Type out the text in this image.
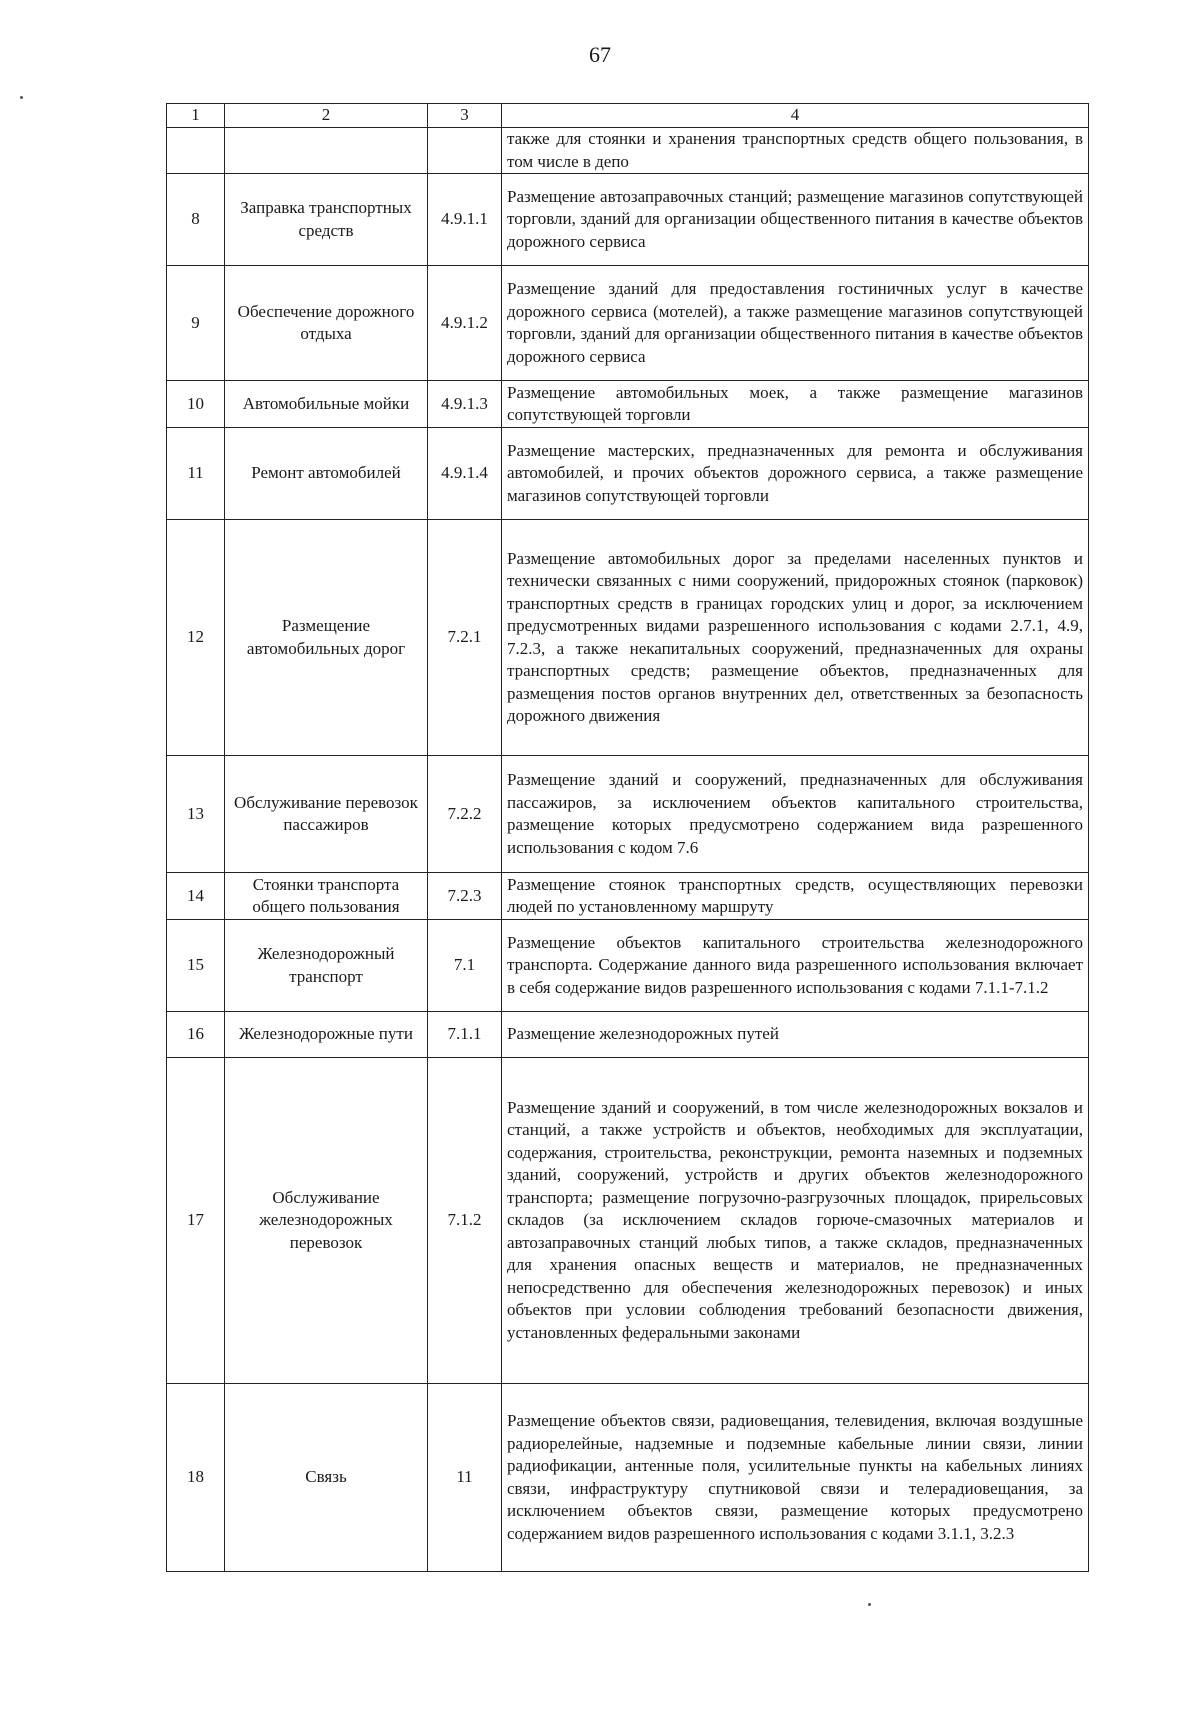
67
1	2	3	4

			также для стоянки и хранения транспортных средств общего пользования, в том числе в депо

8	Заправка транспортных средств	4.9.1.1	Размещение автозаправочных станций; размещение магазинов сопутствующей торговли, зданий для организации общественного питания в качестве объектов дорожного сервиса

9	Обеспечение дорожного отдыха	4.9.1.2	Размещение зданий для предоставления гостиничных услуг в качестве дорожного сервиса (мотелей), а также размещение магазинов сопутствующей торговли, зданий для организации общественного питания в качестве объектов дорожного сервиса

10	Автомобильные мойки	4.9.1.3	Размещение автомобильных моек, а также размещение магазинов сопутствующей торговли

11	Ремонт автомобилей	4.9.1.4	Размещение мастерских, предназначенных для ремонта и обслуживания автомобилей, и прочих объектов дорожного сервиса, а также размещение магазинов сопутствующей торговли

12	Размещение автомобильных дорог	7.2.1	Размещение автомобильных дорог за пределами населенных пунктов и технически связанных с ними сооружений, придорожных стоянок (парковок) транспортных средств в границах городских улиц и дорог, за исключением предусмотренных видами разрешенного использования с кодами 2.7.1, 4.9, 7.2.3, а также некапитальных сооружений, предназначенных для охраны транспортных средств; размещение объектов, предназначенных для размещения постов органов внутренних дел, ответственных за безопасность дорожного движения

13	Обслуживание перевозок пассажиров	7.2.2	Размещение зданий и сооружений, предназначенных для обслуживания пассажиров, за исключением объектов капитального строительства, размещение которых предусмотрено содержанием вида разрешенного использования с кодом 7.6

14	Стоянки транспорта общего пользования	7.2.3	Размещение стоянок транспортных средств, осуществляющих перевозки людей по установленному маршруту

15	Железнодорожный транспорт	7.1	Размещение объектов капитального строительства железнодорожного транспорта. Содержание данного вида разрешенного использования включает в себя содержание видов разрешенного использования с кодами 7.1.1-7.1.2

16	Железнодорожные пути	7.1.1	Размещение железнодорожных путей

17	Обслуживание железнодорожных перевозок	7.1.2	Размещение зданий и сооружений, в том числе железнодорожных вокзалов и станций, а также устройств и объектов, необходимых для эксплуатации, содержания, строительства, реконструкции, ремонта наземных и подземных зданий, сооружений, устройств и других объектов железнодорожного транспорта; размещение погрузочно-разгрузочных площадок, прирельсовых складов (за исключением складов горюче-смазочных материалов и автозаправочных станций любых типов, а также складов, предназначенных для хранения опасных веществ и материалов, не предназначенных непосредственно для обеспечения железнодорожных перевозок) и иных объектов при условии соблюдения требований безопасности движения, установленных федеральными законами

18	Связь	11	Размещение объектов связи, радиовещания, телевидения, включая воздушные радиорелейные, надземные и подземные кабельные линии связи, линии радиофикации, антенные поля, усилительные пункты на кабельных линиях связи, инфраструктуру спутниковой связи и телерадиовещания, за исключением объектов связи, размещение которых предусмотрено содержанием видов разрешенного использования с кодами 3.1.1, 3.2.3
